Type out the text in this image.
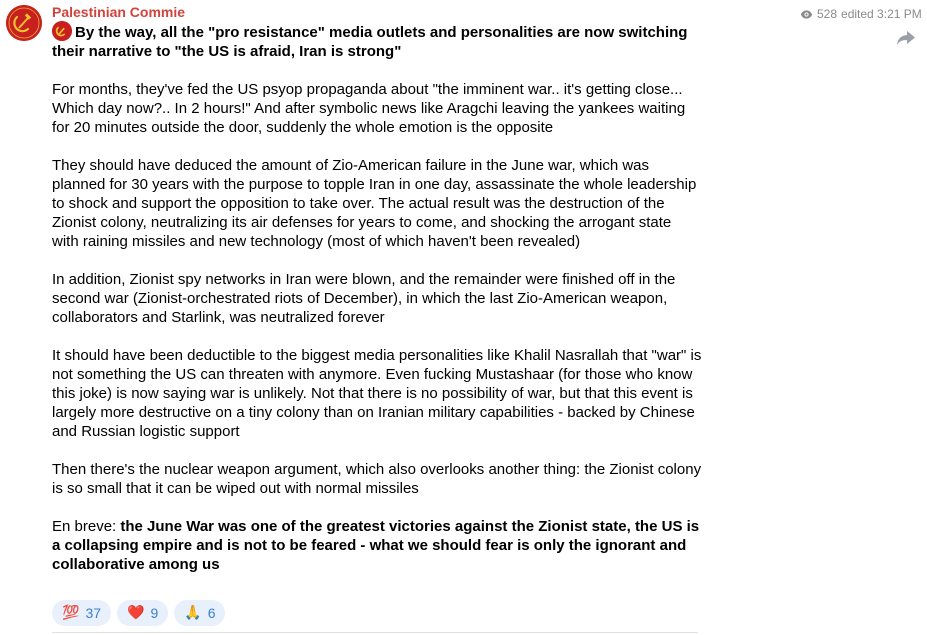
528 edited 3:21 PM
Palestinian Commie

By the way, all the "pro resistance" media outlets and personalities are now switching their narrative to "the US is afraid, Iran is strong"

For months, they've fed the US psyop propaganda about "the imminent war.. it's getting close... Which day now?.. In 2 hours!" And after symbolic news like Aragchi leaving the yankees waiting for 20 minutes outside the door, suddenly the whole emotion is the opposite

They should have deduced the amount of Zio-American failure in the June war, which was planned for 30 years with the purpose to topple Iran in one day, assassinate the whole leadership to shock and support the opposition to take over. The actual result was the destruction of the Zionist colony, neutralizing its air defenses for years to come, and shocking the arrogant state with raining missiles and new technology (most of which haven't been revealed)

In addition, Zionist spy networks in Iran were blown, and the remainder were finished off in the second war (Zionist-orchestrated riots of December), in which the last Zio-American weapon, collaborators and Starlink, was neutralized forever

It should have been deductible to the biggest media personalities like Khalil Nasrallah that "war" is not something the US can threaten with anymore. Even fucking Mustashaar (for those who know this joke) is now saying war is unlikely. Not that there is no possibility of war, but that this event is largely more destructive on a tiny colony than on Iranian military capabilities - backed by Chinese and Russian logistic support

Then there's the nuclear weapon argument, which also overlooks another thing: the Zionist colony is so small that it can be wiped out with normal missiles

En breve: the June War was one of the greatest victories against the Zionist state, the US is a collapsing empire and is not to be feared - what we should fear is only the ignorant and collaborative among us

💯 37 ❤️ 9 🙏 6
